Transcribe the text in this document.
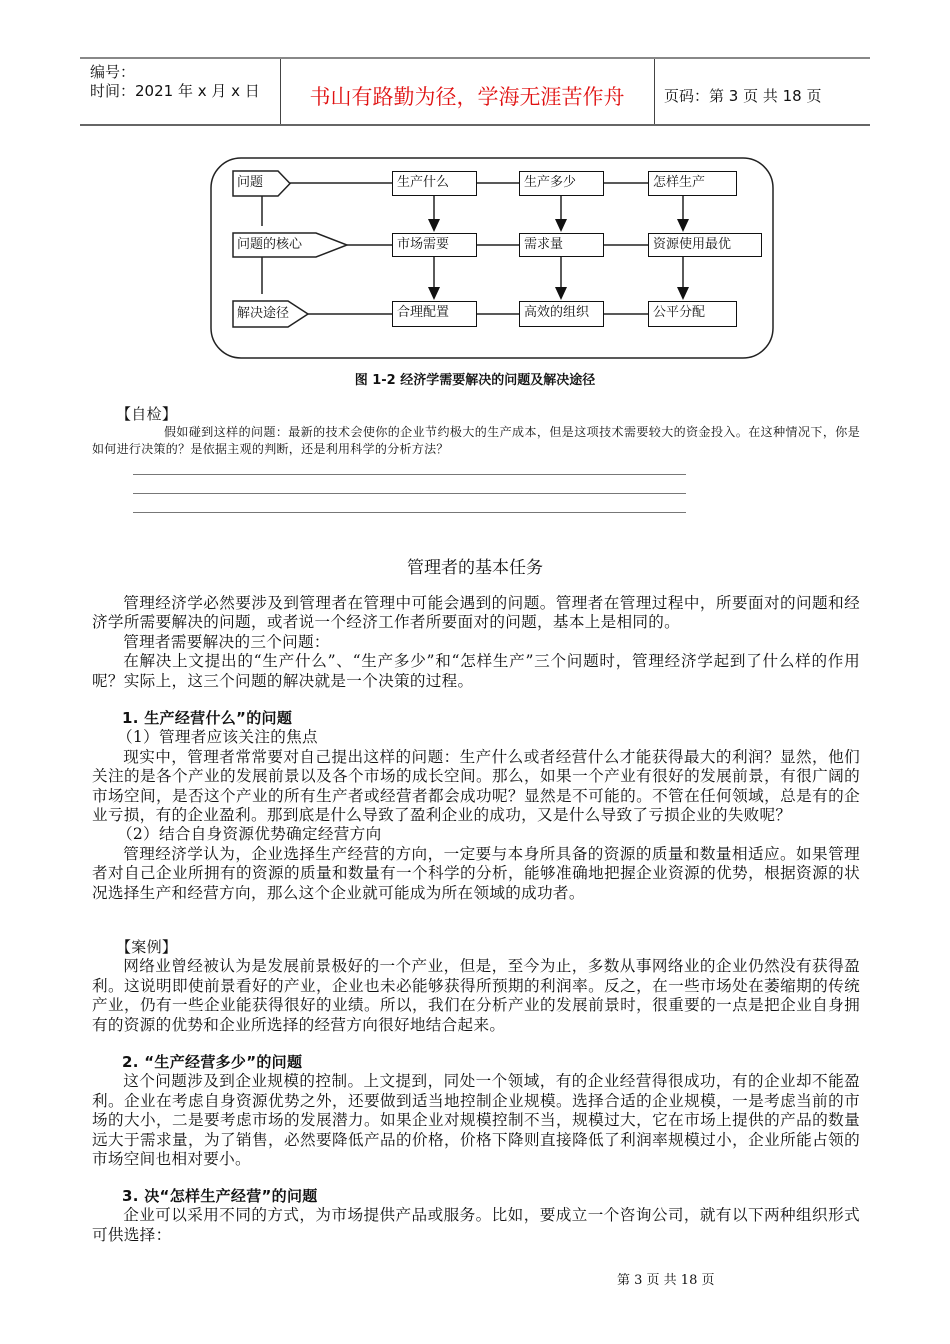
编号：
时间：2021 年 x 月 x 日	书山有路勤为径，学海无涯苦作舟	页码：第 3 页 共 18 页
问题
问题的核心
解决途径
生产什么	生产多少	怎样生产
市场需要	需求量	资源使用最优
合理配置	高效的组织	公平分配
图 1-2 经济学需要解决的问题及解决途径
【自检】
假如碰到这样的问题：最新的技术会使你的企业节约极大的生产成本，但是这项技术需要较大的资金投入。在这种情况下，你是如何进行决策的？是依据主观的判断，还是利用科学的分析方法？
管理者的基本任务

管理经济学必然要涉及到管理者在管理中可能会遇到的问题。管理者在管理过程中，所要面对的问题和经济学所需要解决的问题，或者说一个经济工作者所要面对的问题，基本上是相同的。

管理者需要解决的三个问题：

在解决上文提出的“生产什么”、“生产多少”和“怎样生产”三个问题时，管理经济学起到了什么样的作用呢？实际上，这三个问题的解决就是一个决策的过程。

1. 生产经营什么”的问题

（1）管理者应该关注的焦点

现实中，管理者常常要对自己提出这样的问题：生产什么或者经营什么才能获得最大的利润？显然，他们关注的是各个产业的发展前景以及各个市场的成长空间。那么，如果一个产业有很好的发展前景，有很广阔的市场空间，是否这个产业的所有生产者或经营者都会成功呢？显然是不可能的。不管在任何领域，总是有的企业亏损，有的企业盈利。那到底是什么导致了盈利企业的成功，又是什么导致了亏损企业的失败呢？

（2）结合自身资源优势确定经营方向

管理经济学认为，企业选择生产经营的方向，一定要与本身所具备的资源的质量和数量相适应。如果管理者对自己企业所拥有的资源的质量和数量有一个科学的分析，能够准确地把握企业资源的优势，根据资源的状况选择生产和经营方向，那么这个企业就可能成为所在领域的成功者。

【案例】

网络业曾经被认为是发展前景极好的一个产业，但是，至今为止，多数从事网络业的企业仍然没有获得盈利。这说明即使前景看好的产业，企业也未必能够获得所预期的利润率。反之，在一些市场处在萎缩期的传统产业，仍有一些企业能获得很好的业绩。所以，我们在分析产业的发展前景时，很重要的一点是把企业自身拥有的资源的优势和企业所选择的经营方向很好地结合起来。

2. “生产经营多少”的问题

这个问题涉及到企业规模的控制。上文提到，同处一个领域，有的企业经营得很成功，有的企业却不能盈利。企业在考虑自身资源优势之外，还要做到适当地控制企业规模。选择合适的企业规模，一是考虑当前的市场的大小，二是要考虑市场的发展潜力。如果企业对规模控制不当，规模过大，它在市场上提供的产品的数量远大于需求量，为了销售，必然要降低产品的价格，价格下降则直接降低了利润率规模过小，企业所能占领的市场空间也相对要小。

3. 决“怎样生产经营”的问题

企业可以采用不同的方式，为市场提供产品或服务。比如，要成立一个咨询公司，就有以下两种组织形式可供选择：

第 3 页 共 18 页
